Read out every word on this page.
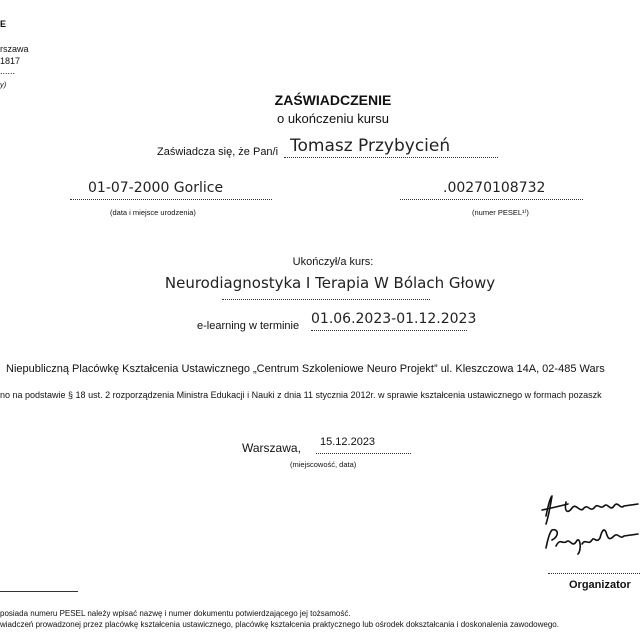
E
rszawa
1817
......
y)
ZAŚWIADCZENIE
o ukończeniu kursu
Zaświadcza się, że Pan/i Tomasz Przybycień
01-07-2000 Gorlice
(data i miejsce urodzenia)
.00270108732
(numer PESEL¹⁾)
Ukończył/a kurs:
Neurodiagnostyka I Terapia W Bólach Głowy
e-learning w terminie 01.06.2023-01.12.2023
Niepubliczną Placówkę Kształcenia Ustawicznego „Centrum Szkoleniowe Neuro Projekt” ul. Kleszczowa 14A, 02-485 Wars
no na podstawie § 18 ust. 2 rozporządzenia Ministra Edukacji i Nauki z dnia 11 stycznia 2012r. w sprawie kształcenia ustawicznego w formach pozaszk
Warszawa, 15.12.2023
(miejscowość, data)
Organizator
posiada numeru PESEL należy wpisać nazwę i numer dokumentu potwierdzającego jej tożsamość.
wiadczeń prowadzonej przez placówkę kształcenia ustawicznego, placówkę kształcenia praktycznego lub ośrodek dokształcania i doskonalenia zawodowego.
